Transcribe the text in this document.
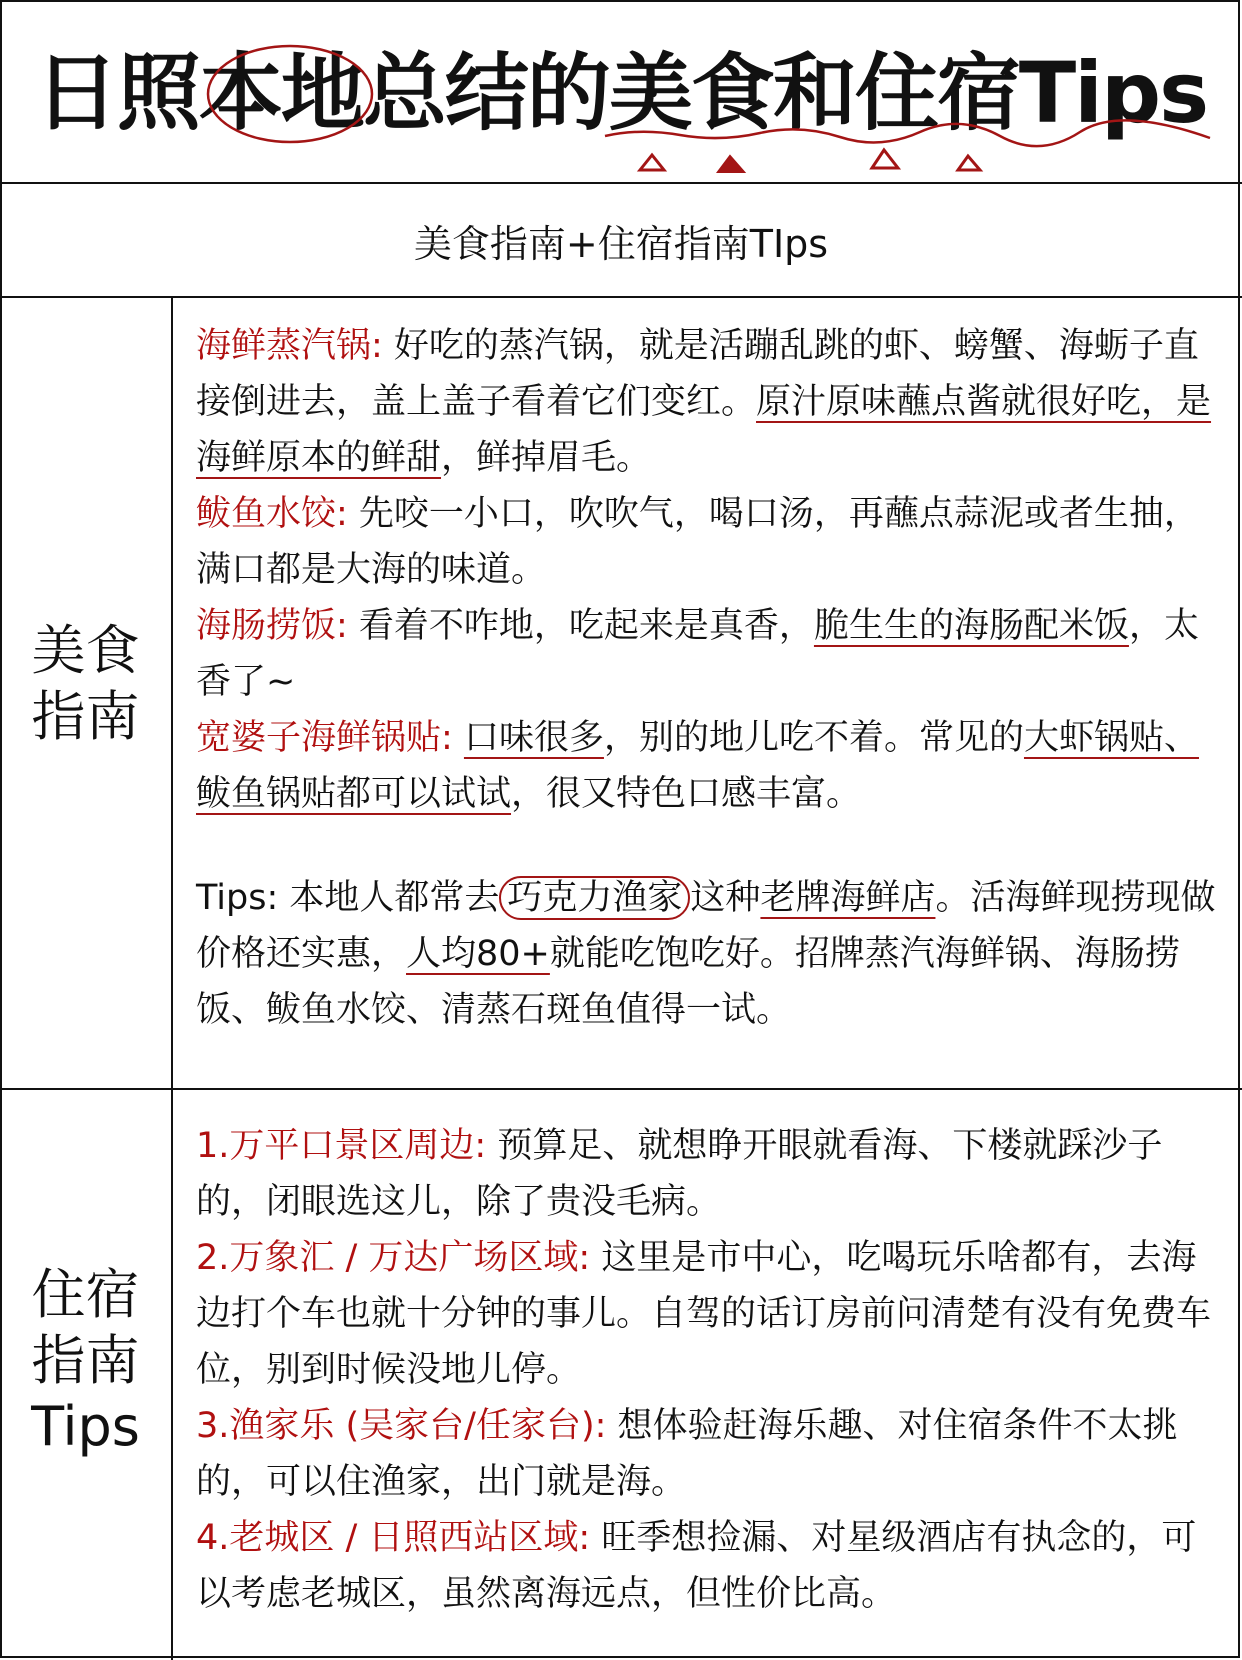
日照本地总结的美食和住宿Tips
美食指南+住宿指南TIps
美食
指南

海鲜蒸汽锅: 好吃的蒸汽锅，就是活蹦乱跳的虾、螃蟹、海蛎子直接倒进去，盖上盖子看着它们变红。原汁原味蘸点酱就很好吃，是海鲜原本的鲜甜，鲜掉眉毛。

鲅鱼水饺: 先咬一小口，吹吹气，喝口汤，再蘸点蒜泥或者生抽，满口都是大海的味道。

海肠捞饭: 看着不咋地，吃起来是真香，脆生生的海肠配米饭，太香了~

宽婆子海鲜锅贴: 口味很多，别的地儿吃不着。常见的大虾锅贴、鲅鱼锅贴都可以试试，很又特色口感丰富。

Tips: 本地人都常去 巧克力渔家 这种老牌海鲜店。活海鲜现捞现做价格还实惠，人均80+就能吃饱吃好。招牌蒸汽海鲜锅、海肠捞饭、鲅鱼水饺、清蒸石斑鱼值得一试。

住宿
指南
Tips

1.万平口景区周边: 预算足、就想睁开眼就看海、下楼就踩沙子的，闭眼选这儿，除了贵没毛病。

2.万象汇 / 万达广场区域: 这里是市中心，吃喝玩乐啥都有，去海边打个车也就十分钟的事儿。自驾的话订房前问清楚有没有免费车位，别到时候没地儿停。

3.渔家乐 (吴家台/任家台): 想体验赶海乐趣、对住宿条件不太挑的，可以住渔家，出门就是海。

4.老城区 / 日照西站区域: 旺季想捡漏、对星级酒店有执念的，可以考虑老城区，虽然离海远点，但性价比高。
